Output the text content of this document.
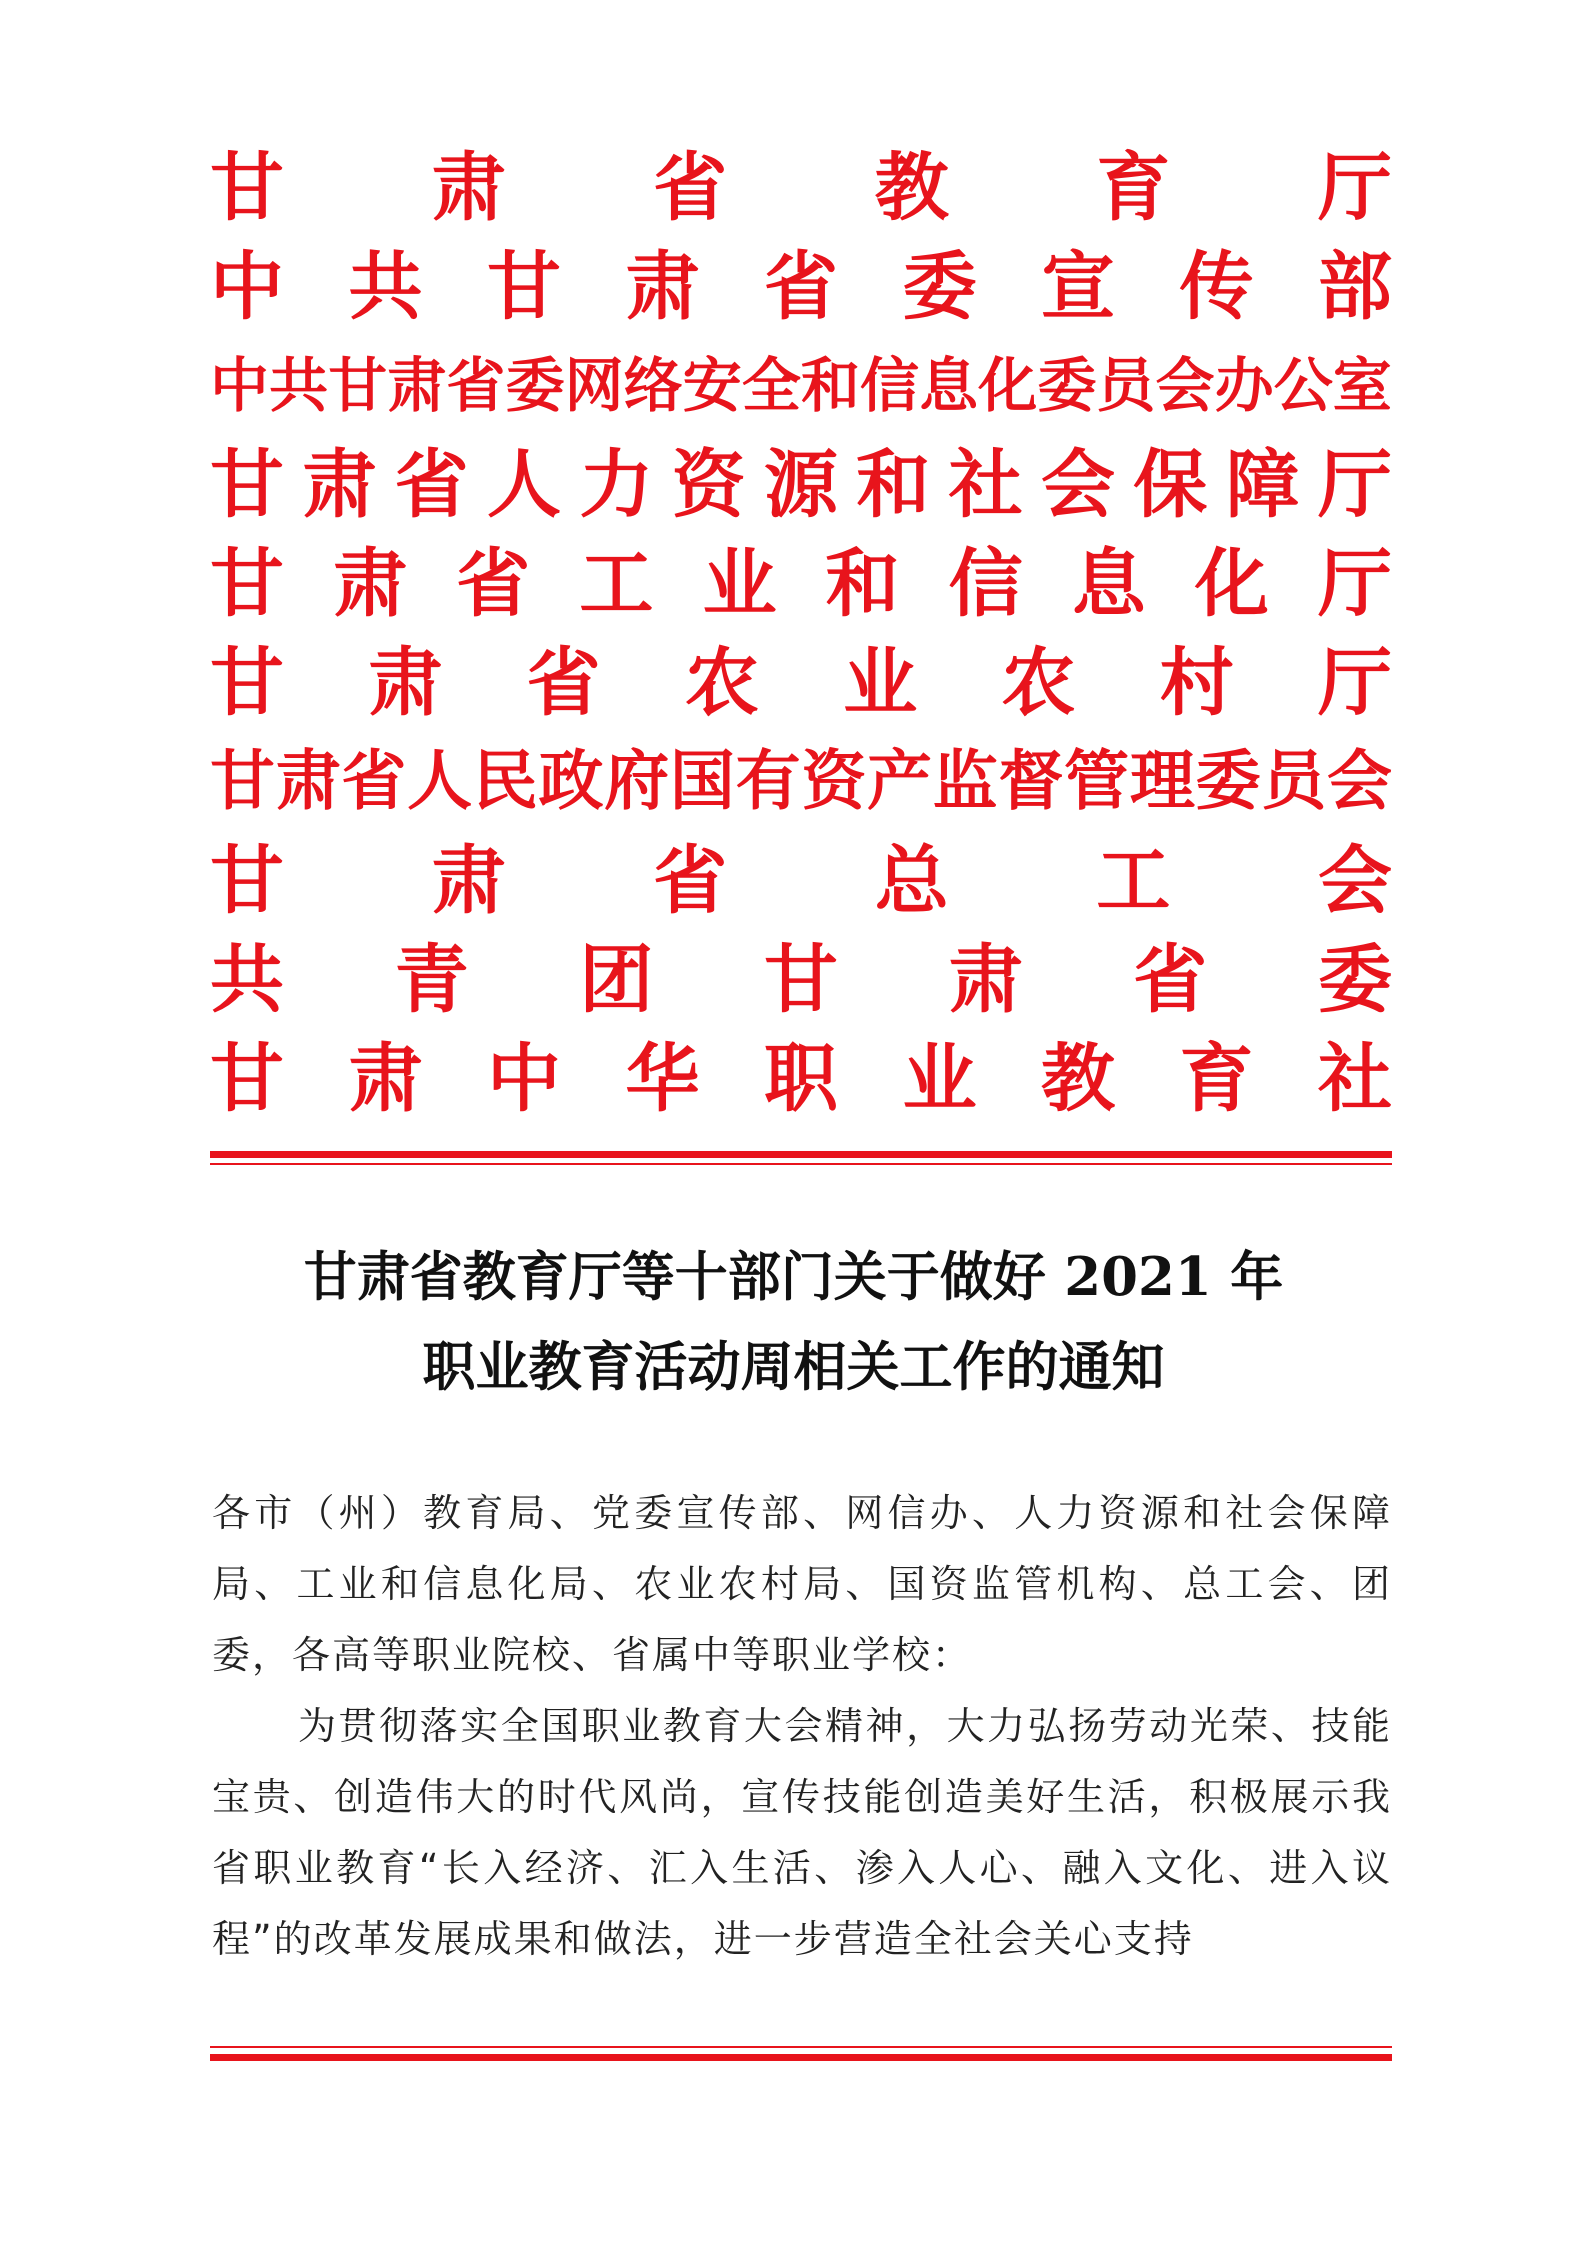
甘 肃 省 教 育 厅
中 共 甘 肃 省 委 宣 传 部
中 共 甘 肃 省 委 网 络 安 全 和 信 息 化 委 员 会 办 公 室
甘 肃 省 人 力 资 源 和 社 会 保 障 厅
甘 肃 省 工 业 和 信 息 化 厅
甘 肃 省 农 业 农 村 厅
甘 肃 省 人 民 政 府 国 有 资 产 监 督 管 理 委 员 会
甘 肃 省 总 工 会
共 青 团 甘 肃 省 委
甘 肃 中 华 职 业 教 育 社
甘肃省教育厅等十部门关于做好 2021 年
职业教育活动周相关工作的通知

各市（州）教育局、党委宣传部、网信办、人力资源和社会保障局、工业和信息化局、农业农村局、国资监管机构、总工会、团委，各高等职业院校、省属中等职业学校：

为贯彻落实全国职业教育大会精神，大力弘扬劳动光荣、技能宝贵、创造伟大的时代风尚，宣传技能创造美好生活，积极展示我省职业教育“长入经济、汇入生活、渗入人心、融入文化、进入议程”的改革发展成果和做法，进一步营造全社会关心支持
